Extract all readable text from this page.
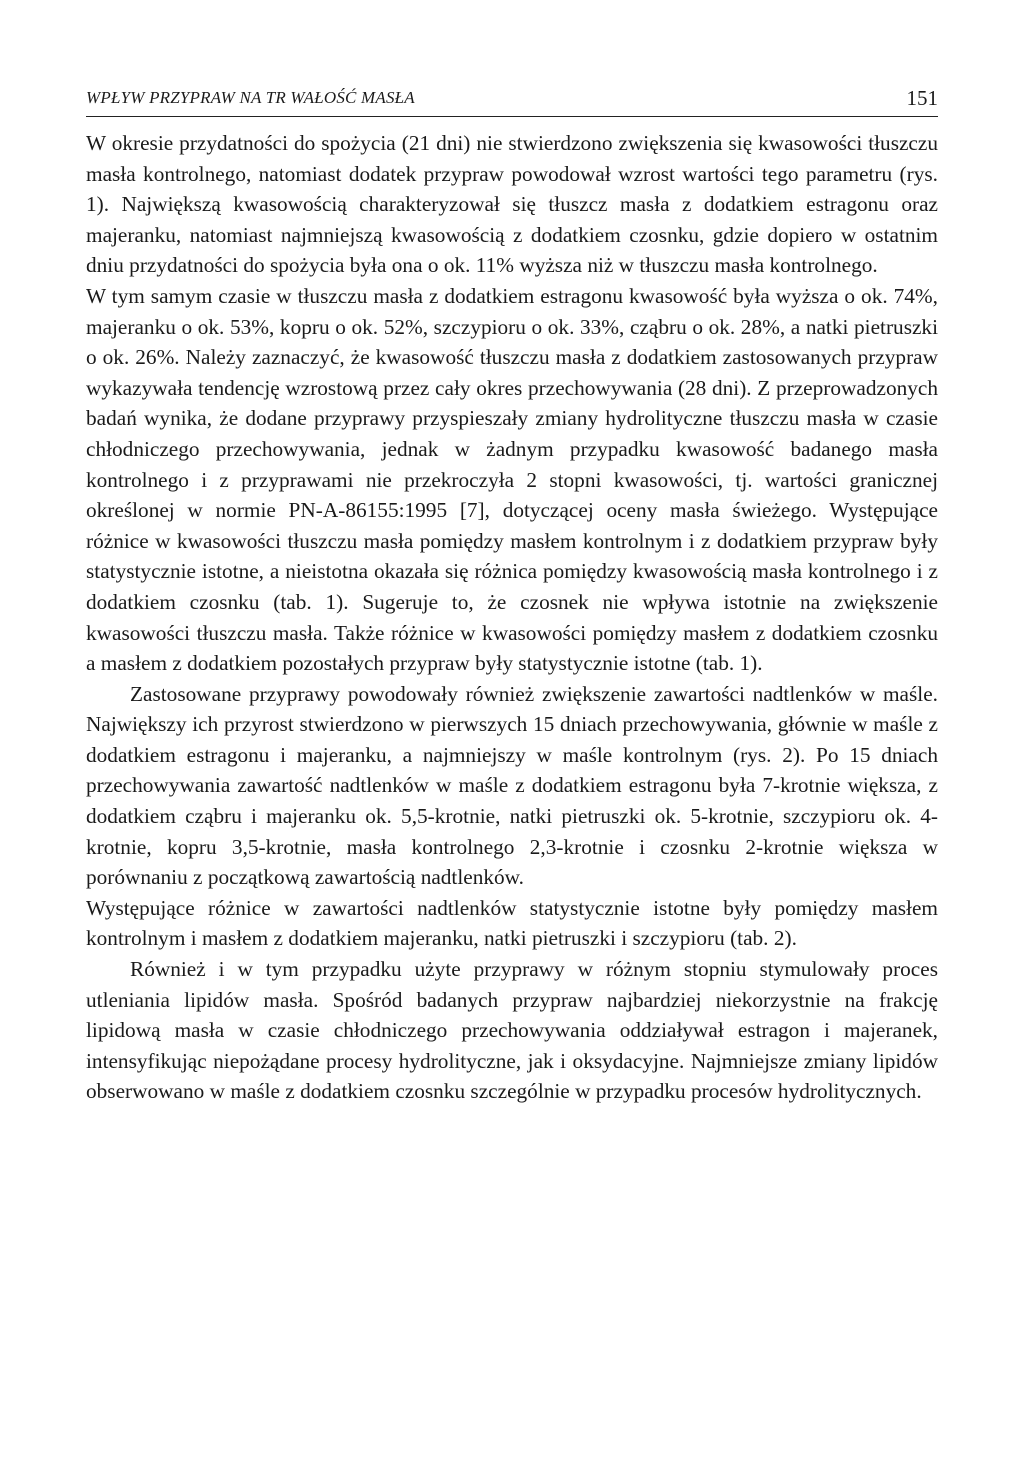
WPŁYW PRZYPRAW NA TR WAŁOŚĆ MASŁA	151

W okresie przydatności do spożycia (21 dni) nie stwierdzono zwiększenia się kwasowości tłuszczu masła kontrolnego, natomiast dodatek przypraw powodował wzrost wartości tego parametru (rys. 1). Największą kwasowością charakteryzował się tłuszcz masła z dodatkiem estragonu oraz majeranku, natomiast najmniejszą kwasowością z dodatkiem czosnku, gdzie dopiero w ostatnim dniu przydatności do spożycia była ona o ok. 11% wyższa niż w tłuszczu masła kontrolnego.

W tym samym czasie w tłuszczu masła z dodatkiem estragonu kwasowość była wyższa o ok. 74%, majeranku o ok. 53%, kopru o ok. 52%, szczypioru o ok. 33%, cząbru o ok. 28%, a natki pietruszki o ok. 26%. Należy zaznaczyć, że kwasowość tłuszczu masła z dodatkiem zastosowanych przypraw wykazywała tendencję wzrostową przez cały okres przechowywania (28 dni). Z przeprowadzonych badań wynika, że dodane przyprawy przyspieszały zmiany hydrolityczne tłuszczu masła w czasie chłodniczego przechowywania, jednak w żadnym przypadku kwasowość badanego masła kontrolnego i z przyprawami nie przekroczyła 2 stopni kwasowości, tj. wartości granicznej określonej w normie PN-A-86155:1995 [7], dotyczącej oceny masła świeżego. Występujące różnice w kwasowości tłuszczu masła pomiędzy masłem kontrolnym i z dodatkiem przypraw były statystycznie istotne, a nieistotna okazała się różnica pomiędzy kwasowością masła kontrolnego i z dodatkiem czosnku (tab. 1). Sugeruje to, że czosnek nie wpływa istotnie na zwiększenie kwasowości tłuszczu masła. Także różnice w kwasowości pomiędzy masłem z dodatkiem czosnku a masłem z dodatkiem pozostałych przypraw były statystycznie istotne (tab. 1).

Zastosowane przyprawy powodowały również zwiększenie zawartości nadtlenków w maśle. Największy ich przyrost stwierdzono w pierwszych 15 dniach przechowywania, głównie w maśle z dodatkiem estragonu i majeranku, a najmniejszy w maśle kontrolnym (rys. 2). Po 15 dniach przechowywania zawartość nadtlenków w maśle z dodatkiem estragonu była 7-krotnie większa, z dodatkiem cząbru i majeranku ok. 5,5-krotnie, natki pietruszki ok. 5-krotnie, szczypioru ok. 4-krotnie, kopru 3,5-krotnie, masła kontrolnego 2,3-krotnie i czosnku 2-krotnie większa w porównaniu z początkową zawartością nadtlenków.

Występujące różnice w zawartości nadtlenków statystycznie istotne były pomiędzy masłem kontrolnym i masłem z dodatkiem majeranku, natki pietruszki i szczypioru (tab. 2).

Również i w tym przypadku użyte przyprawy w różnym stopniu stymulowały proces utleniania lipidów masła. Spośród badanych przypraw najbardziej niekorzystnie na frakcję lipidową masła w czasie chłodniczego przechowywania oddziaływał estragon i majeranek, intensyfikując niepożądane procesy hydrolityczne, jak i oksydacyjne. Najmniejsze zmiany lipidów obserwowano w maśle z dodatkiem czosnku szczególnie w przypadku procesów hydrolitycznych.
